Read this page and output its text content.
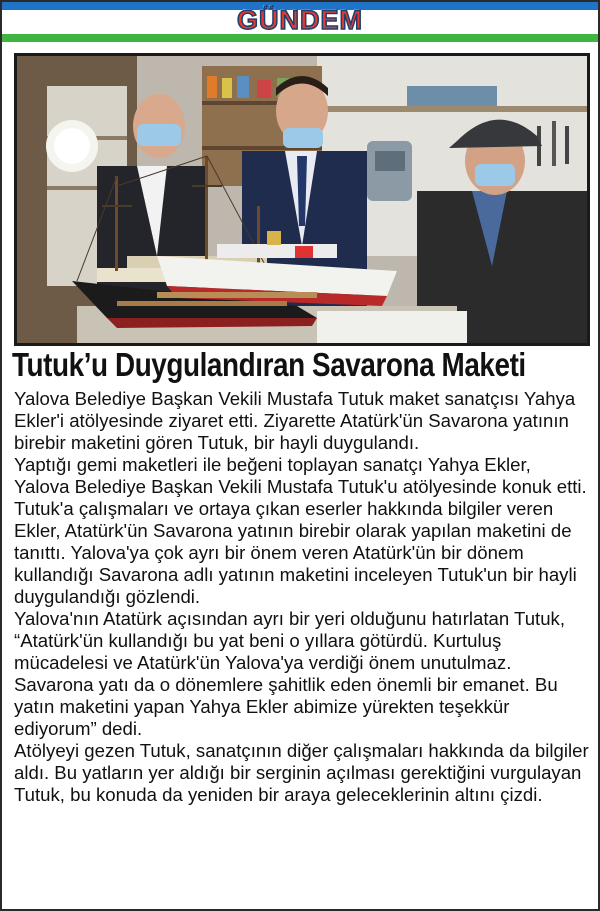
GÜNDEM
Tutuk’u Duygulandıran Savarona Maketi

Yalova Belediye Başkan Vekili Mustafa Tutuk maket sanatçısı Yahya Ekler'i atölyesinde ziyaret etti. Ziyarette Atatürk'ün Savarona yatının birebir maketini gören Tutuk, bir hayli duygulandı.

Yaptığı gemi maketleri ile beğeni toplayan sanatçı Yahya Ekler, Yalova Belediye Başkan Vekili Mustafa Tutuk'u atölyesinde konuk etti. Tutuk'a çalışmaları ve ortaya çıkan eserler hakkında bilgiler veren Ekler, Atatürk'ün Savarona yatının birebir olarak yapılan maketini de tanıttı. Yalova'ya çok ayrı bir önem veren Atatürk'ün bir dönem kullandığı Savarona adlı yatının maketini inceleyen Tutuk'un bir hayli duygulandığı gözlendi.

Yalova'nın Atatürk açısından ayrı bir yeri olduğunu hatırlatan Tutuk, “Atatürk'ün kullandığı bu yat beni o yıllara götürdü. Kurtuluş mücadelesi ve Atatürk'ün Yalova'ya verdiği önem unutulmaz. Savarona yatı da o dönemlere şahitlik eden önemli bir emanet. Bu yatın maketini yapan Yahya Ekler abimize yürekten teşekkür ediyorum” dedi.

Atölyeyi gezen Tutuk, sanatçının diğer çalışmaları hakkında da bilgiler aldı. Bu yatların yer aldığı bir serginin açılması gerektiğini vurgulayan Tutuk, bu konuda da yeniden bir araya geleceklerinin altını çizdi.
